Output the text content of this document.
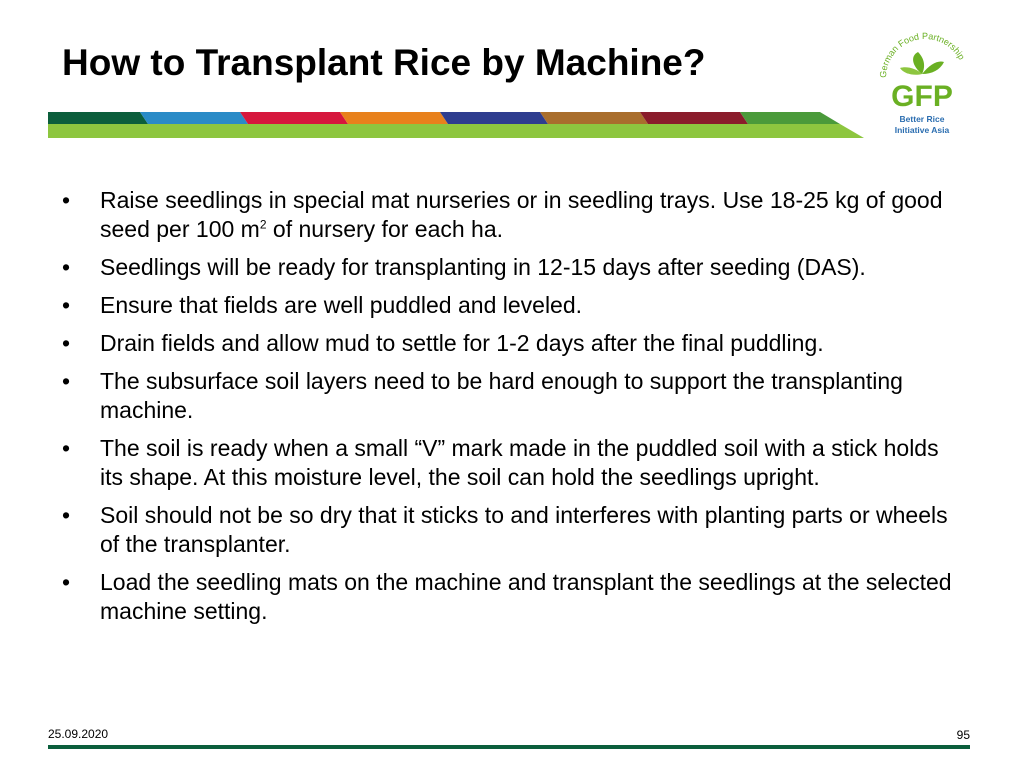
How to Transplant Rice by Machine?	German Food Partnership
GFP
Better Rice
Initiative Asia
• Raise seedlings in special mat nurseries or in seedling trays. Use 18-25 kg of good seed per 100 $m^2$ of nursery for each ha.
• Seedlings will be ready for transplanting in 12-15 days after seeding (DAS).
• Ensure that fields are well puddled and leveled.
• Drain fields and allow mud to settle for 1-2 days after the final puddling.
• The subsurface soil layers need to be hard enough to support the transplanting machine.
• The soil is ready when a small “V” mark made in the puddled soil with a stick holds its shape. At this moisture level, the soil can hold the seedlings upright.
• Soil should not be so dry that it sticks to and interferes with planting parts or wheels of the transplanter.
• Load the seedling mats on the machine and transplant the seedlings at the selected machine setting.
25.09.2020	95
